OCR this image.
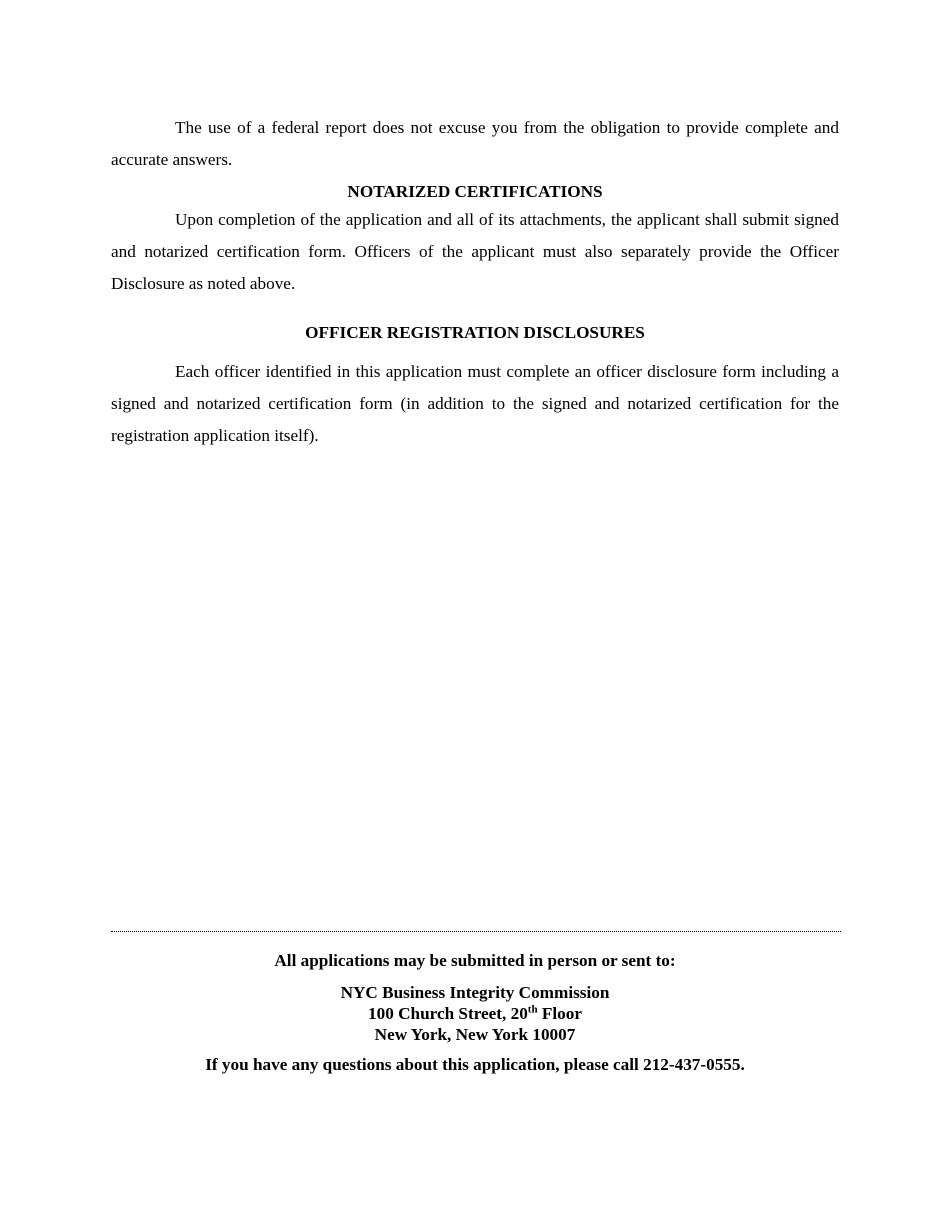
The use of a federal report does not excuse you from the obligation to provide complete and accurate answers.

NOTARIZED CERTIFICATIONS

Upon completion of the application and all of its attachments, the applicant shall submit signed and notarized certification form. Officers of the applicant must also separately provide the Officer Disclosure as noted above.

OFFICER REGISTRATION DISCLOSURES

Each officer identified in this application must complete an officer disclosure form including a signed and notarized certification form (in addition to the signed and notarized certification for the registration application itself).

All applications may be submitted in person or sent to:

NYC Business Integrity Commission
100 Church Street, 20th Floor
New York, New York 10007

If you have any questions about this application, please call 212-437-0555.
